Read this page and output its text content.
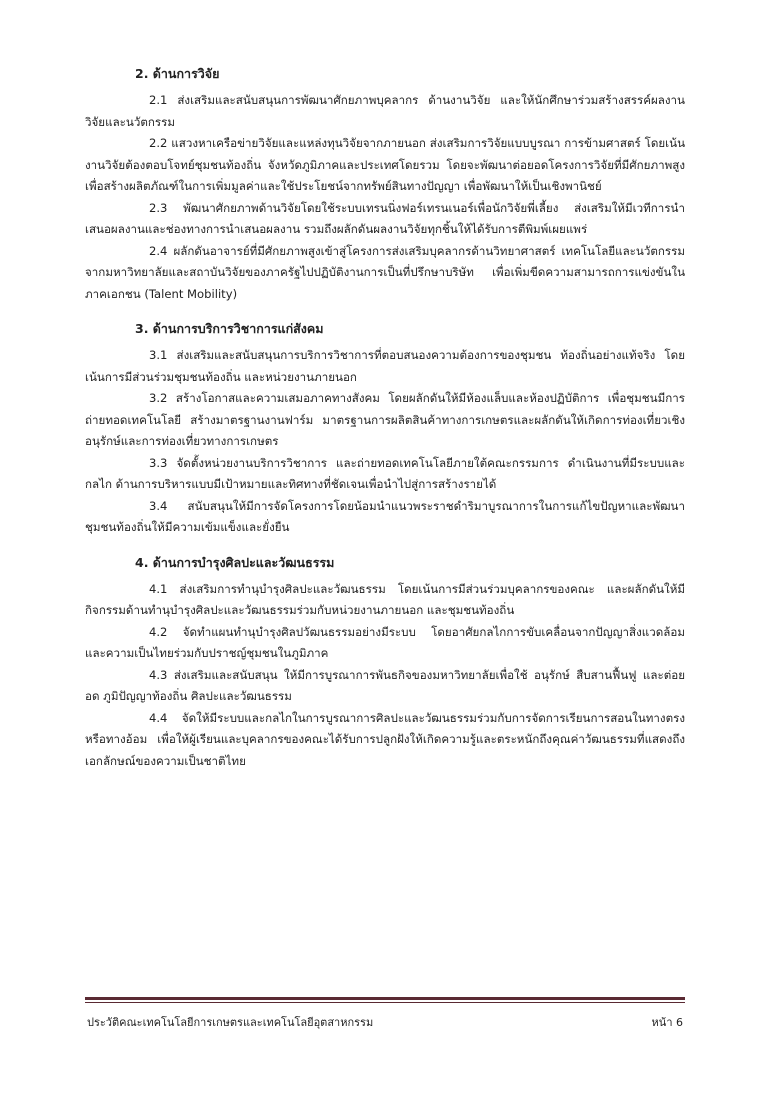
2. ด้านการวิจัย

2.1 ส่งเสริมและสนับสนุนการพัฒนาศักยภาพบุคลากร ด้านงานวิจัย และให้นักศึกษาร่วมสร้างสรรค์ผลงานวิจัยและนวัตกรรม

2.2 แสวงหาเครือข่ายวิจัยและแหล่งทุนวิจัยจากภายนอก ส่งเสริมการวิจัยแบบบูรณา การข้ามศาสตร์ โดยเน้นงานวิจัยต้องตอบโจทย์ชุมชนท้องถิ่น จังหวัดภูมิภาคและประเทศโดยรวม โดยจะพัฒนาต่อยอดโครงการวิจัยที่มีศักยภาพสูงเพื่อสร้างผลิตภัณฑ์ในการเพิ่มมูลค่าและใช้ประโยชน์จากทรัพย์สินทางปัญญา เพื่อพัฒนาให้เป็นเชิงพานิชย์

2.3 พัฒนาศักยภาพด้านวิจัยโดยใช้ระบบเทรนนิ่งฟอร์เทรนเนอร์เพื่อนักวิจัยพี่เลี้ยง ส่งเสริมให้มีเวทีการนำเสนอผลงานและช่องทางการนำเสนอผลงาน รวมถึงผลักดันผลงานวิจัยทุกชิ้นให้ได้รับการตีพิมพ์เผยแพร่

2.4 ผลักดันอาจารย์ที่มีศักยภาพสูงเข้าสู่โครงการส่งเสริมบุคลากรด้านวิทยาศาสตร์ เทคโนโลยีและนวัตกรรมจากมหาวิทยาลัยและสถาบันวิจัยของภาครัฐไปปฏิบัติงานการเป็นที่ปรึกษาบริษัท เพื่อเพิ่มขีดความสามารถการแข่งขันในภาคเอกชน (Talent Mobility)

3. ด้านการบริการวิชาการแก่สังคม

3.1 ส่งเสริมและสนับสนุนการบริการวิชาการที่ตอบสนองความต้องการของชุมชน ท้องถิ่นอย่างแท้จริง โดยเน้นการมีส่วนร่วมชุมชนท้องถิ่น และหน่วยงานภายนอก

3.2 สร้างโอกาสและความเสมอภาคทางสังคม โดยผลักดันให้มีห้องแล็บและห้องปฏิบัติการ เพื่อชุมชนมีการถ่ายทอดเทคโนโลยี สร้างมาตรฐานงานฟาร์ม มาตรฐานการผลิตสินค้าทางการเกษตรและผลักดันให้เกิดการท่องเที่ยวเชิงอนุรักษ์และการท่องเที่ยวทางการเกษตร

3.3 จัดตั้งหน่วยงานบริการวิชาการ และถ่ายทอดเทคโนโลยีภายใต้คณะกรรมการ ดำเนินงานที่มีระบบและกลไก ด้านการบริหารแบบมีเป้าหมายและทิศทางที่ชัดเจนเพื่อนำไปสู่การสร้างรายได้

3.4 สนับสนุนให้มีการจัดโครงการโดยน้อมนำแนวพระราชดำริมาบูรณาการในการแก้ไขปัญหาและพัฒนาชุมชนท้องถิ่นให้มีความเข้มแข็งและยั่งยืน

4. ด้านการบำรุงศิลปะและวัฒนธรรม

4.1 ส่งเสริมการทำนุบำรุงศิลปะและวัฒนธรรม โดยเน้นการมีส่วนร่วมบุคลากรของคณะ และผลักดันให้มีกิจกรรมด้านทำนุบำรุงศิลปะและวัฒนธรรมร่วมกับหน่วยงานภายนอก และชุมชนท้องถิ่น

4.2 จัดทำแผนทำนุบำรุงศิลปวัฒนธรรมอย่างมีระบบ โดยอาศัยกลไกการขับเคลื่อนจากปัญญาสิ่งแวดล้อม และความเป็นไทยร่วมกับปราชญ์ชุมชนในภูมิภาค

4.3 ส่งเสริมและสนับสนุน ให้มีการบูรณาการพันธกิจของมหาวิทยาลัยเพื่อใช้ อนุรักษ์ สืบสานฟื้นฟู และต่อยอด ภูมิปัญญาท้องถิ่น ศิลปะและวัฒนธรรม

4.4 จัดให้มีระบบและกลไกในการบูรณาการศิลปะและวัฒนธรรมร่วมกับการจัดการเรียนการสอนในทางตรงหรือทางอ้อม เพื่อให้ผู้เรียนและบุคลากรของคณะได้รับการปลูกฝังให้เกิดความรู้และตระหนักถึงคุณค่าวัฒนธรรมที่แสดงถึงเอกลักษณ์ของความเป็นชาติไทย

ประวัติคณะเทคโนโลยีการเกษตรและเทคโนโลยีอุตสาหกรรม	หน้า 6
